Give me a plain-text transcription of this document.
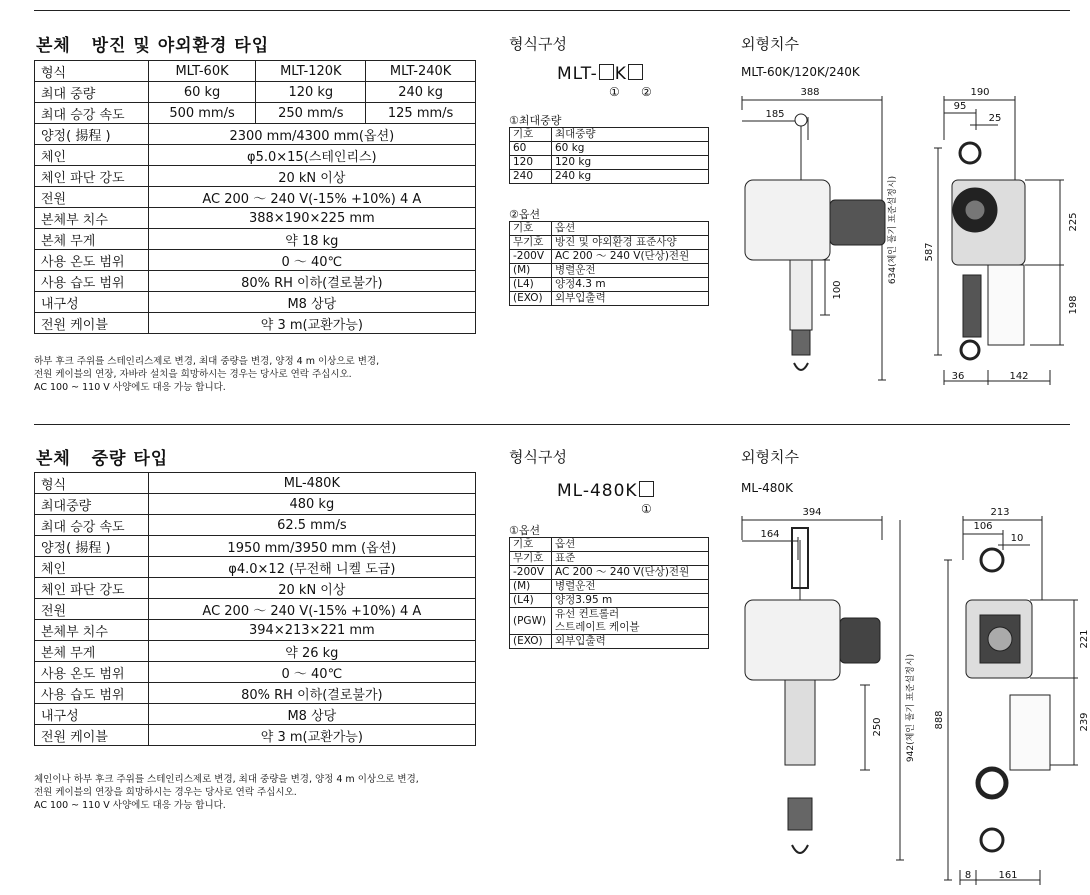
본체   방진 및 야외환경 타입
형식	MLT-60K	MLT-120K	MLT-240K
최대 중량	60 kg	120 kg	240 kg
최대 승강 속도	500 mm/s	250 mm/s	125 mm/s
양정( 揚程 )	2300 mm/4300 mm(옵션)		
체인	φ5.0×15(스테인리스)		
체인 파단 강도	20 kN 이상		
전원	AC 200 ～ 240 V(-15% +10%) 4 A		
본체부 치수	388×190×225 mm		
본체 무게	약 18 kg		
사용 온도 범위	0 ～ 40℃		
사용 습도 범위	80% RH 이하(결로불가)		
내구성	M8 상당		
전원 케이블	약 3 m(교환가능)		
하부 후크 주위를 스테인리스제로 변경, 최대 중량을 변경, 양정 4 m 이상으로 변경,
전원 케이블의 연장, 자바라 설치을 희망하시는 경우는 당사로 연락 주십시오.
AC 100 ~ 110 V 사양에도 대응 가능 합니다.
형식구성
MLT- K
① ②
①최대중량
기호	최대중량
60	60 kg
120	120 kg
240	240 kg
②옵션
기호	옵션
무기호	방진 및 야외환경 표준사양
-200V	AC 200 ～ 240 V(단상)전원
(M)	병렬운전
(L4)	양정4.3 m
(EXO)	외부입출력
외형치수
MLT-60K/120K/240K
388
185
100
634(체인 풀기 표준설정시)
190
95
25
225
587
198
36	142
본체   중량 타입
형식	ML-480K
최대중량	480 kg
최대 승강 속도	62.5 mm/s
양정( 揚程 )	1950 mm/3950 mm (옵션)
체인	φ4.0×12 (무전해 니켈 도금)
체인 파단 강도	20 kN 이상
전원	AC 200 ～ 240 V(-15% +10%) 4 A
본체부 치수	394×213×221 mm
본체 무게	약 26 kg
사용 온도 범위	0 ～ 40℃
사용 습도 범위	80% RH 이하(결로불가)
내구성	M8 상당
전원 케이블	약 3 m(교환가능)
체인이나 하부 후크 주위를 스테인리스제로 변경, 최대 중량을 변경, 양정 4 m 이상으로 변경,
전원 케이블의 연장을 희망하시는 경우는 당사로 연락 주십시오.
AC 100 ~ 110 V 사양에도 대응 가능 합니다.
형식구성
ML-480K
①
①옵션
기호	옵션
무기호	표준
-200V	AC 200 ～ 240 V(단상)전원
(M)	병렬운전
(L4)	양정3.95 m
(PGW)	유선 컨트롤러
스트레이트 케이블
(EXO)	외부입출력
외형치수
ML-480K
394
164
250	942(체인 풀기 표준설정시)
213
106
10
221
888	239
8	161
